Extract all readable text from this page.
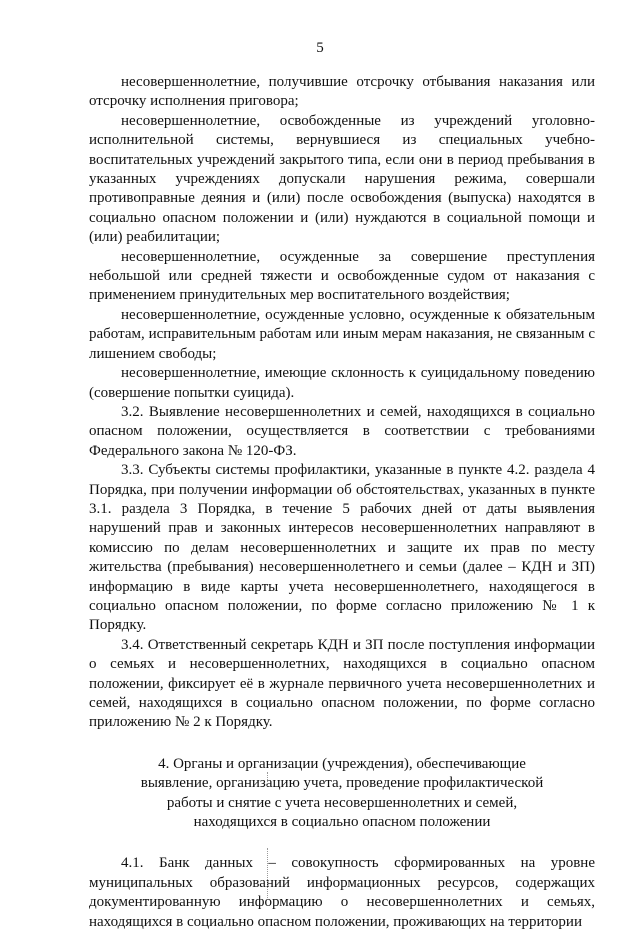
5

несовершеннолетние, получившие отсрочку отбывания наказания или отсрочку исполнения приговора;

несовершеннолетние, освобожденные из учреждений уголовно-исполнительной системы, вернувшиеся из специальных учебно-воспитательных учреждений закрытого типа, если они в период пребывания в указанных учреждениях допускали нарушения режима, совершали противоправные деяния и (или) после освобождения (выпуска) находятся в социально опасном положении и (или) нуждаются в социальной помощи и (или) реабилитации;

несовершеннолетние, осужденные за совершение преступления небольшой или средней тяжести и освобожденные судом от наказания с применением принудительных мер воспитательного воздействия;

несовершеннолетние, осужденные условно, осужденные к обязательным работам, исправительным работам или иным мерам наказания, не связанным с лишением свободы;

несовершеннолетние, имеющие склонность к суицидальному поведению (совершение попытки суицида).

3.2. Выявление несовершеннолетних и семей, находящихся в социально опасном положении, осуществляется в соответствии с требованиями Федерального закона № 120-ФЗ.

3.3. Субъекты системы профилактики, указанные в пункте 4.2. раздела 4 Порядка, при получении информации об обстоятельствах, указанных в пункте 3.1. раздела 3 Порядка, в течение 5 рабочих дней от даты выявления нарушений прав и законных интересов несовершеннолетних направляют в комиссию по делам несовершеннолетних и защите их прав по месту жительства (пребывания) несовершеннолетнего и семьи (далее – КДН и ЗП) информацию в виде карты учета несовершеннолетнего, находящегося в социально опасном положении, по форме согласно приложению № 1 к Порядку.

3.4. Ответственный секретарь КДН и ЗП после поступления информации о семьях и несовершеннолетних, находящихся в социально опасном положении, фиксирует её в журнале первичного учета несовершеннолетних и семей, находящихся в социально опасном положении, по форме согласно приложению № 2 к Порядку.

4. Органы и организации (учреждения), обеспечивающие
выявление, организацию учета, проведение профилактической
работы и снятие с учета несовершеннолетних и семей,
находящихся в социально опасном положении

4.1. Банк данных – совокупность сформированных на уровне муниципальных образований информационных ресурсов, содержащих документированную информацию о несовершеннолетних и семьях, находящихся в социально опасном положении, проживающих на территории
